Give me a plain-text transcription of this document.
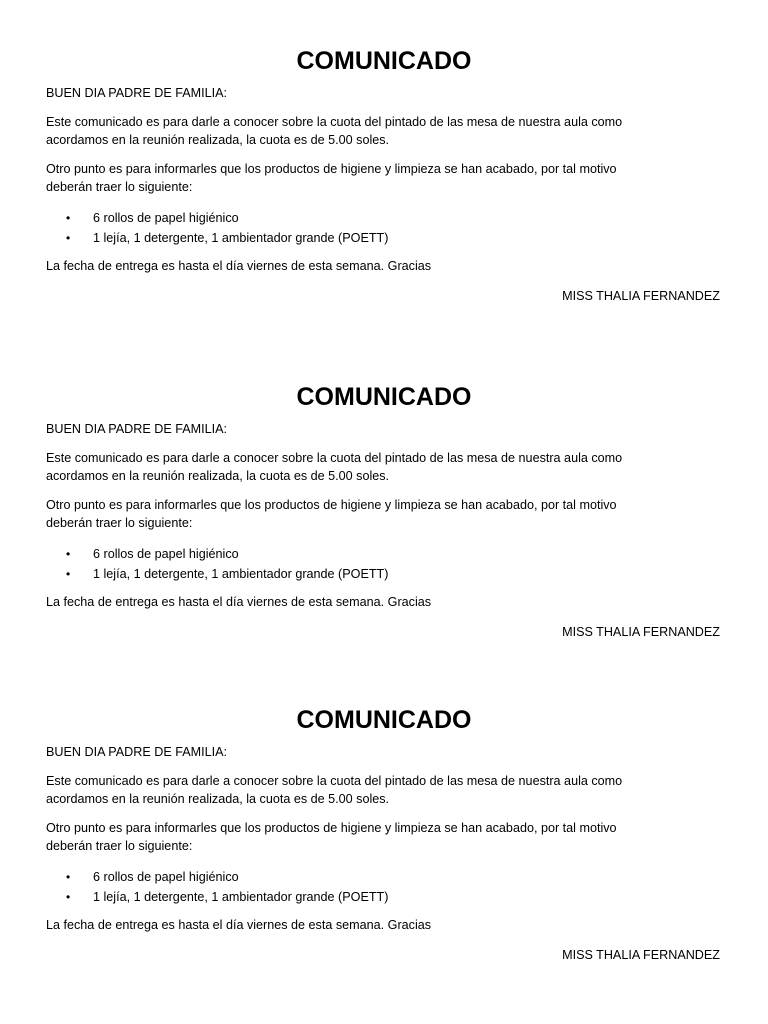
COMUNICADO
BUEN DIA PADRE DE FAMILIA:
Este comunicado es para darle a conocer sobre la cuota del pintado de las mesa de nuestra aula como
acordamos en la reunión realizada, la cuota es de 5.00 soles.
Otro punto es para informarles que los productos de higiene y limpieza se han acabado, por tal motivo
deberán traer lo siguiente:
• 6 rollos de papel higiénico
• 1 lejía, 1 detergente, 1 ambientador grande (POETT)
La fecha de entrega es hasta el día viernes de esta semana. Gracias
MISS THALIA FERNANDEZ
COMUNICADO
BUEN DIA PADRE DE FAMILIA:
Este comunicado es para darle a conocer sobre la cuota del pintado de las mesa de nuestra aula como
acordamos en la reunión realizada, la cuota es de 5.00 soles.
Otro punto es para informarles que los productos de higiene y limpieza se han acabado, por tal motivo
deberán traer lo siguiente:
• 6 rollos de papel higiénico
• 1 lejía, 1 detergente, 1 ambientador grande (POETT)
La fecha de entrega es hasta el día viernes de esta semana. Gracias
MISS THALIA FERNANDEZ
COMUNICADO
BUEN DIA PADRE DE FAMILIA:
Este comunicado es para darle a conocer sobre la cuota del pintado de las mesa de nuestra aula como
acordamos en la reunión realizada, la cuota es de 5.00 soles.
Otro punto es para informarles que los productos de higiene y limpieza se han acabado, por tal motivo
deberán traer lo siguiente:
• 6 rollos de papel higiénico
• 1 lejía, 1 detergente, 1 ambientador grande (POETT)
La fecha de entrega es hasta el día viernes de esta semana. Gracias
MISS THALIA FERNANDEZ
